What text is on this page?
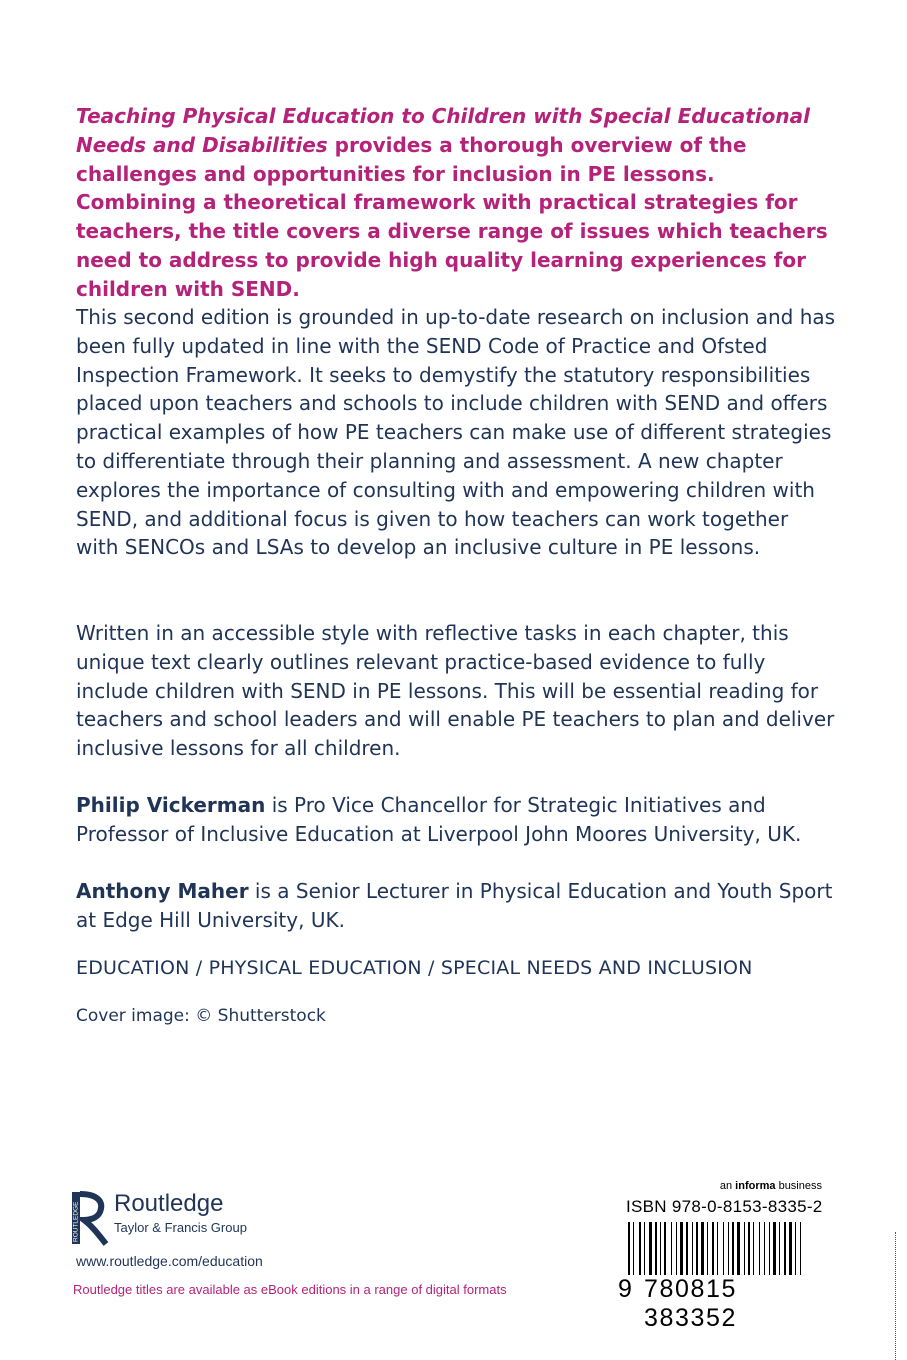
Teaching Physical Education to Children with Special Educational Needs and Disabilities provides a thorough overview of the challenges and opportunities for inclusion in PE lessons. Combining a theoretical framework with practical strategies for teachers, the title covers a diverse range of issues which teachers need to address to provide high quality learning experiences for children with SEND.

This second edition is grounded in up-to-date research on inclusion and has been fully updated in line with the SEND Code of Practice and Ofsted Inspection Framework. It seeks to demystify the statutory responsibilities placed upon teachers and schools to include children with SEND and offers practical examples of how PE teachers can make use of different strategies to differentiate through their planning and assessment. A new chapter explores the importance of consulting with and empowering children with SEND, and additional focus is given to how teachers can work together with SENCOs and LSAs to develop an inclusive culture in PE lessons.

Written in an accessible style with reflective tasks in each chapter, this unique text clearly outlines relevant practice-based evidence to fully include children with SEND in PE lessons. This will be essential reading for teachers and school leaders and will enable PE teachers to plan and deliver inclusive lessons for all children.

Philip Vickerman is Pro Vice Chancellor for Strategic Initiatives and Professor of Inclusive Education at Liverpool John Moores University, UK.

Anthony Maher is a Senior Lecturer in Physical Education and Youth Sport at Edge Hill University, UK.

EDUCATION / PHYSICAL EDUCATION / SPECIAL NEEDS AND INCLUSION
Cover image: © Shutterstock
ROUTLEDGE Routledge
Taylor & Francis Group
www.routledge.com/education
Routledge titles are available as eBook editions in a range of digital formats
an informa business
ISBN 978-0-8153-8335-2
9 780815 383352
